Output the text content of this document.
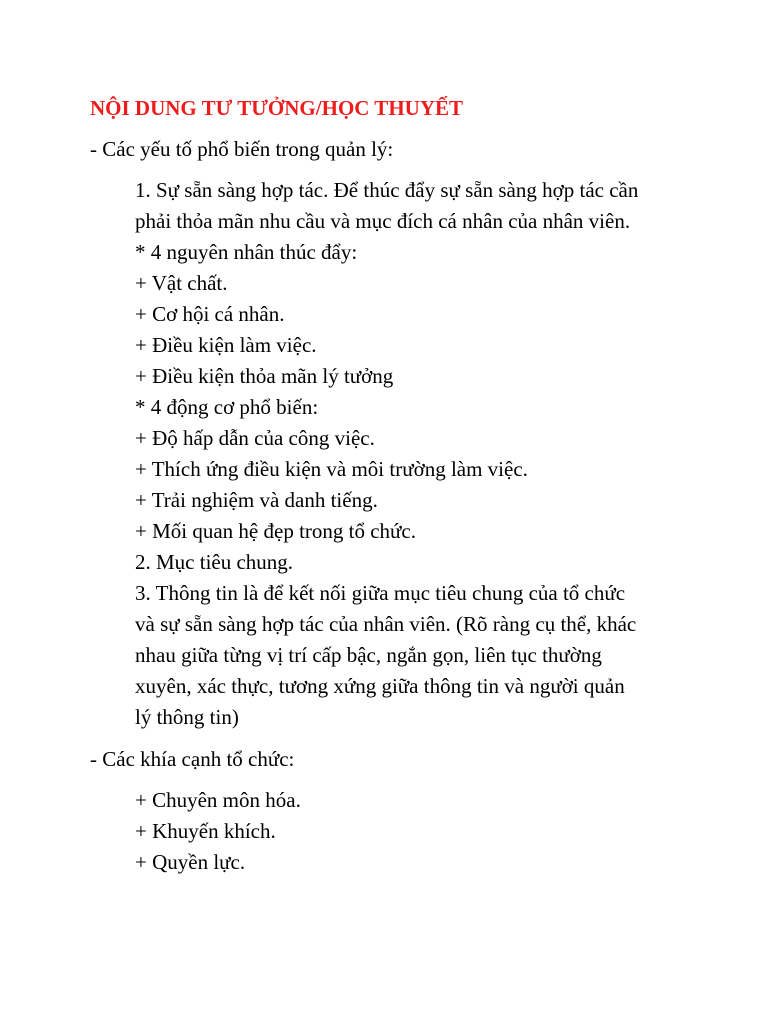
NỘI DUNG TƯ TƯỞNG/HỌC THUYẾT
- Các yếu tố phổ biến trong quản lý:
1. Sự sẵn sàng hợp tác. Để thúc đẩy sự sẵn sàng hợp tác cần
phải thỏa mãn nhu cầu và mục đích cá nhân của nhân viên.
* 4 nguyên nhân thúc đẩy:
+ Vật chất.
+ Cơ hội cá nhân.
+ Điều kiện làm việc.
+ Điều kiện thỏa mãn lý tưởng
* 4 động cơ phổ biến:
+ Độ hấp dẫn của công việc.
+ Thích ứng điều kiện và môi trường làm việc.
+ Trải nghiệm và danh tiếng.
+ Mối quan hệ đẹp trong tổ chức.
2. Mục tiêu chung.
3. Thông tin là để kết nối giữa mục tiêu chung của tổ chức
và sự sẵn sàng hợp tác của nhân viên. (Rõ ràng cụ thể, khác
nhau giữa từng vị trí cấp bậc, ngắn gọn, liên tục thường
xuyên, xác thực, tương xứng giữa thông tin và người quản
lý thông tin)
- Các khía cạnh tổ chức:
+ Chuyên môn hóa.
+ Khuyến khích.
+ Quyền lực.
